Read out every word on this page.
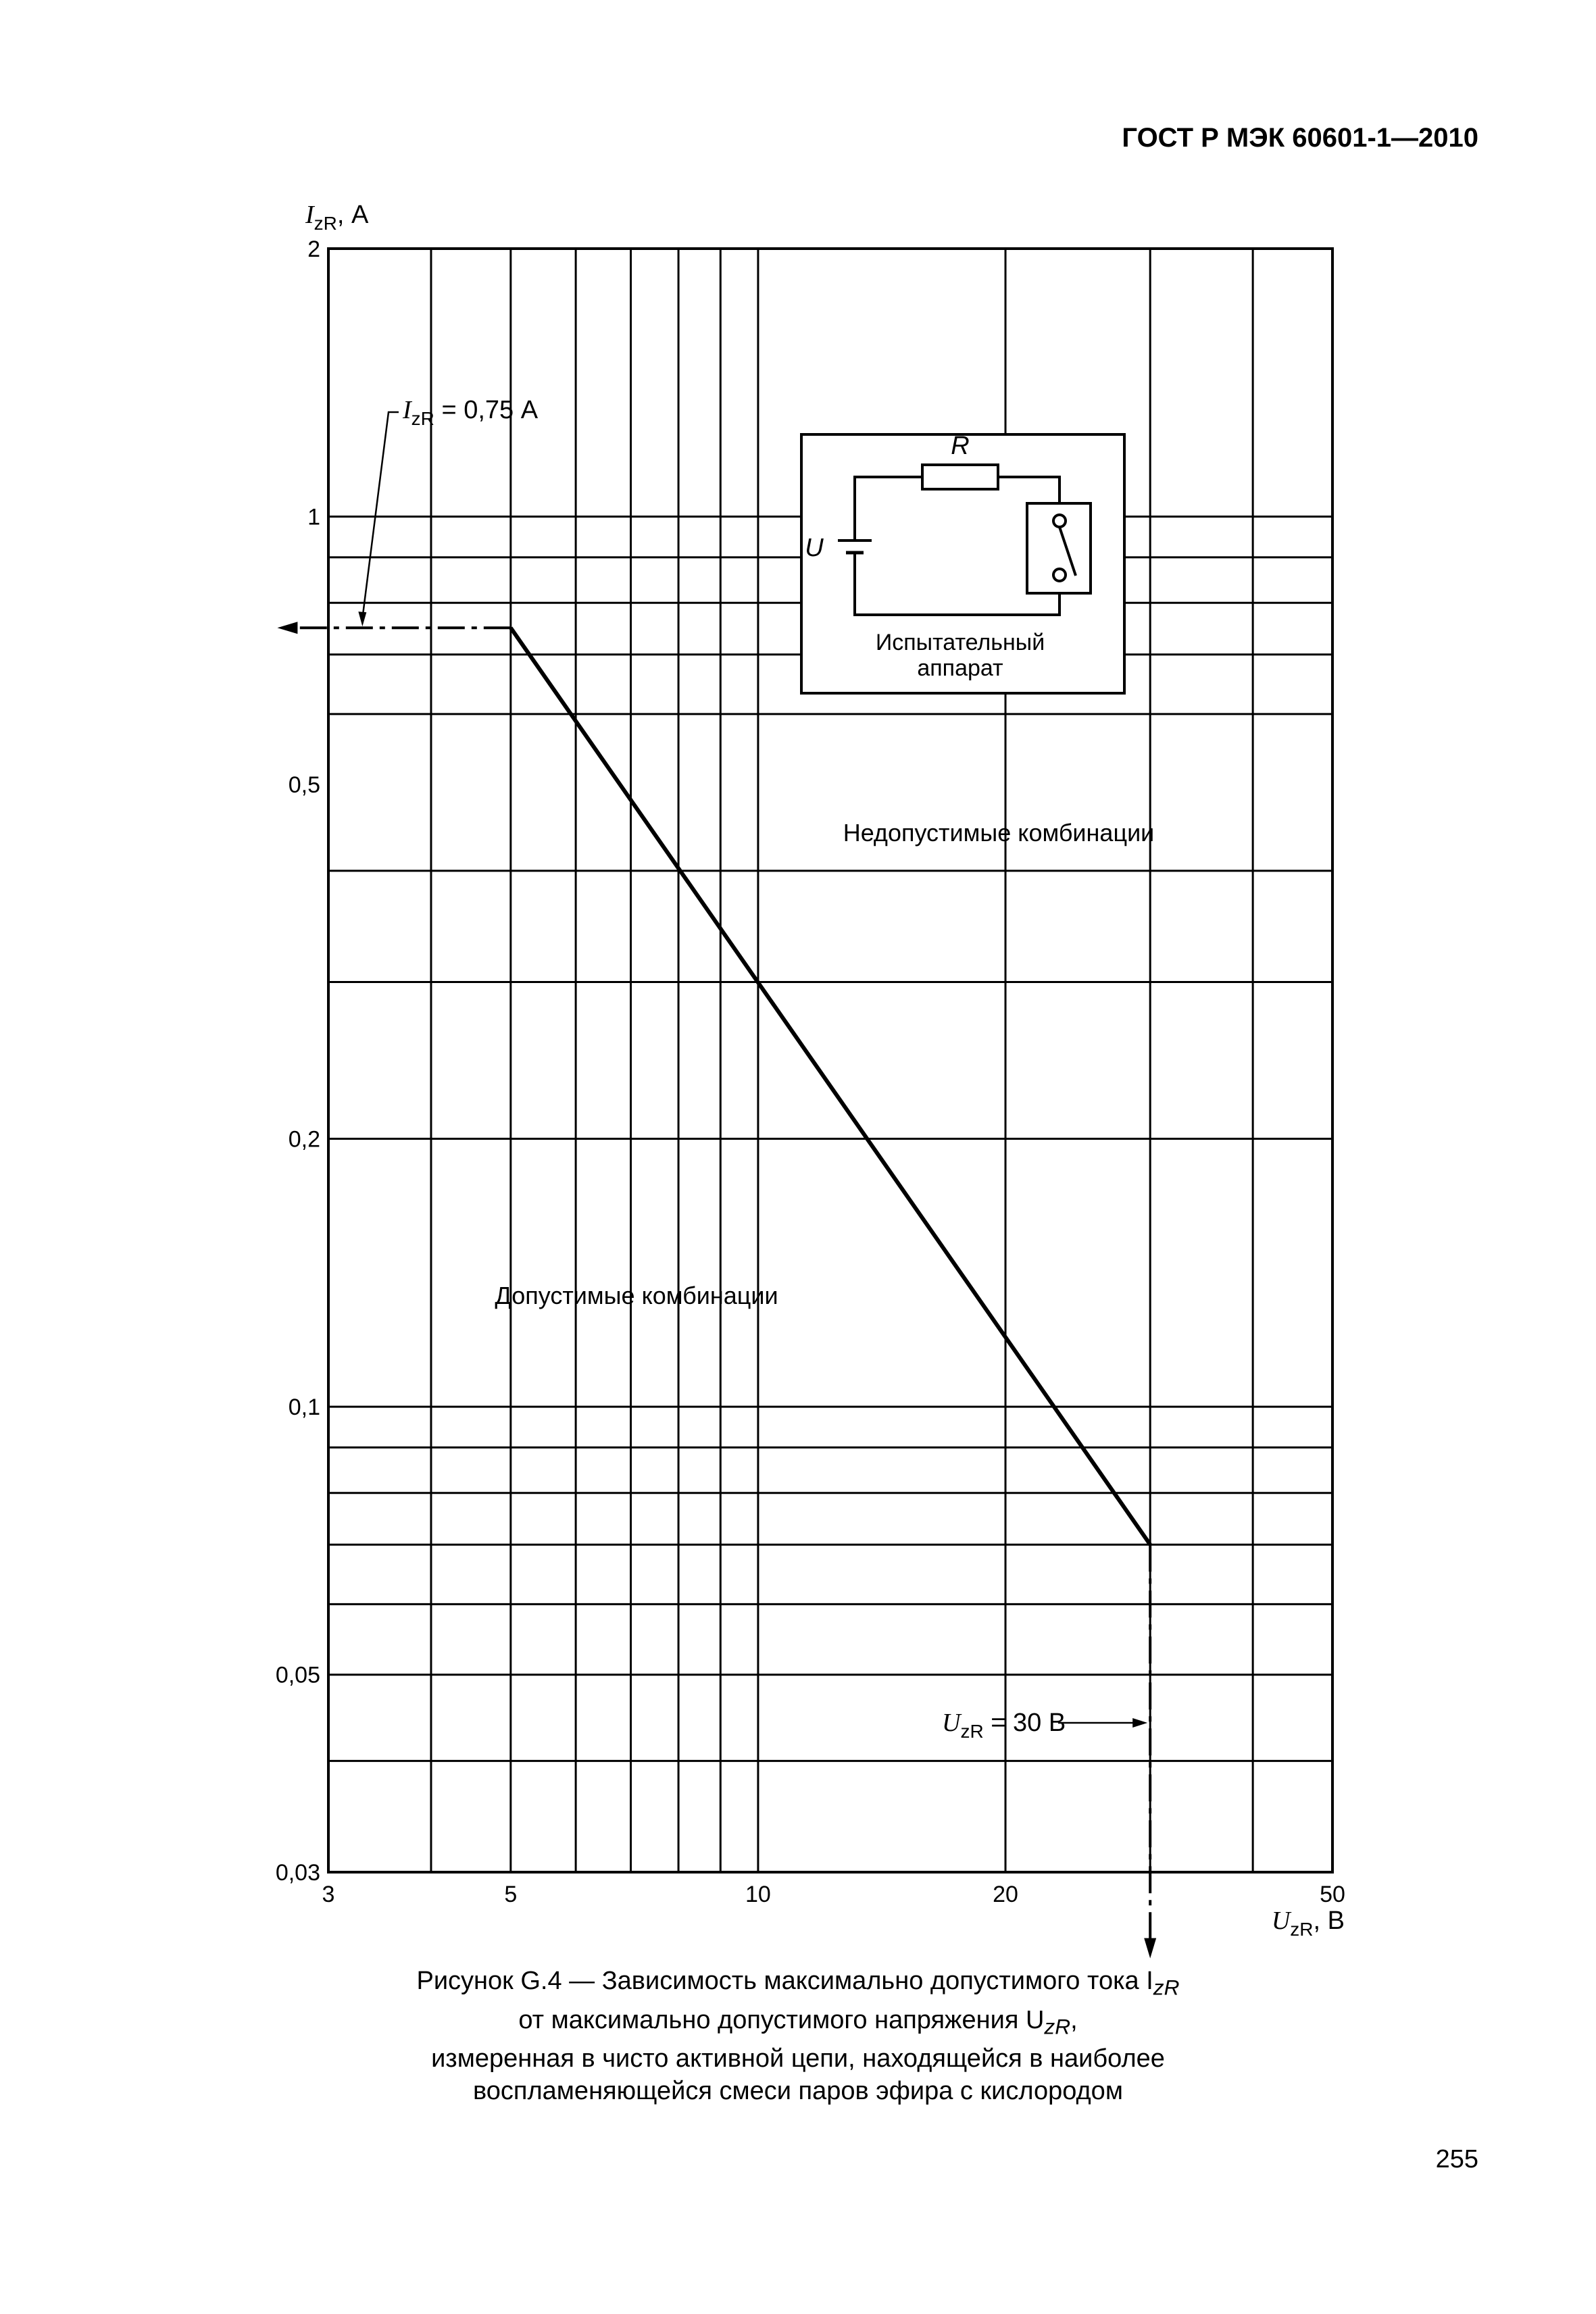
ГОСТ Р МЭК 60601-1—2010
3	5	10	20	50
0,03
0,05
0,1
0,2
0,5
1
2
$I_{zR} = 0,75$ А
$U_{zR} = 30$ В
Недопустимые комбинации
Допустимые комбинации
R
U
Испытательный
аппарат
$I_{zR}$, А
$U_{zR}$, В
Рисунок G.4 — Зависимость максимально допустимого тока $I_{zR}$
от максимально допустимого напряжения $U_{zR}$,
измеренная в чисто активной цепи, находящейся в наиболее
воспламеняющейся смеси паров эфира с кислородом
255
